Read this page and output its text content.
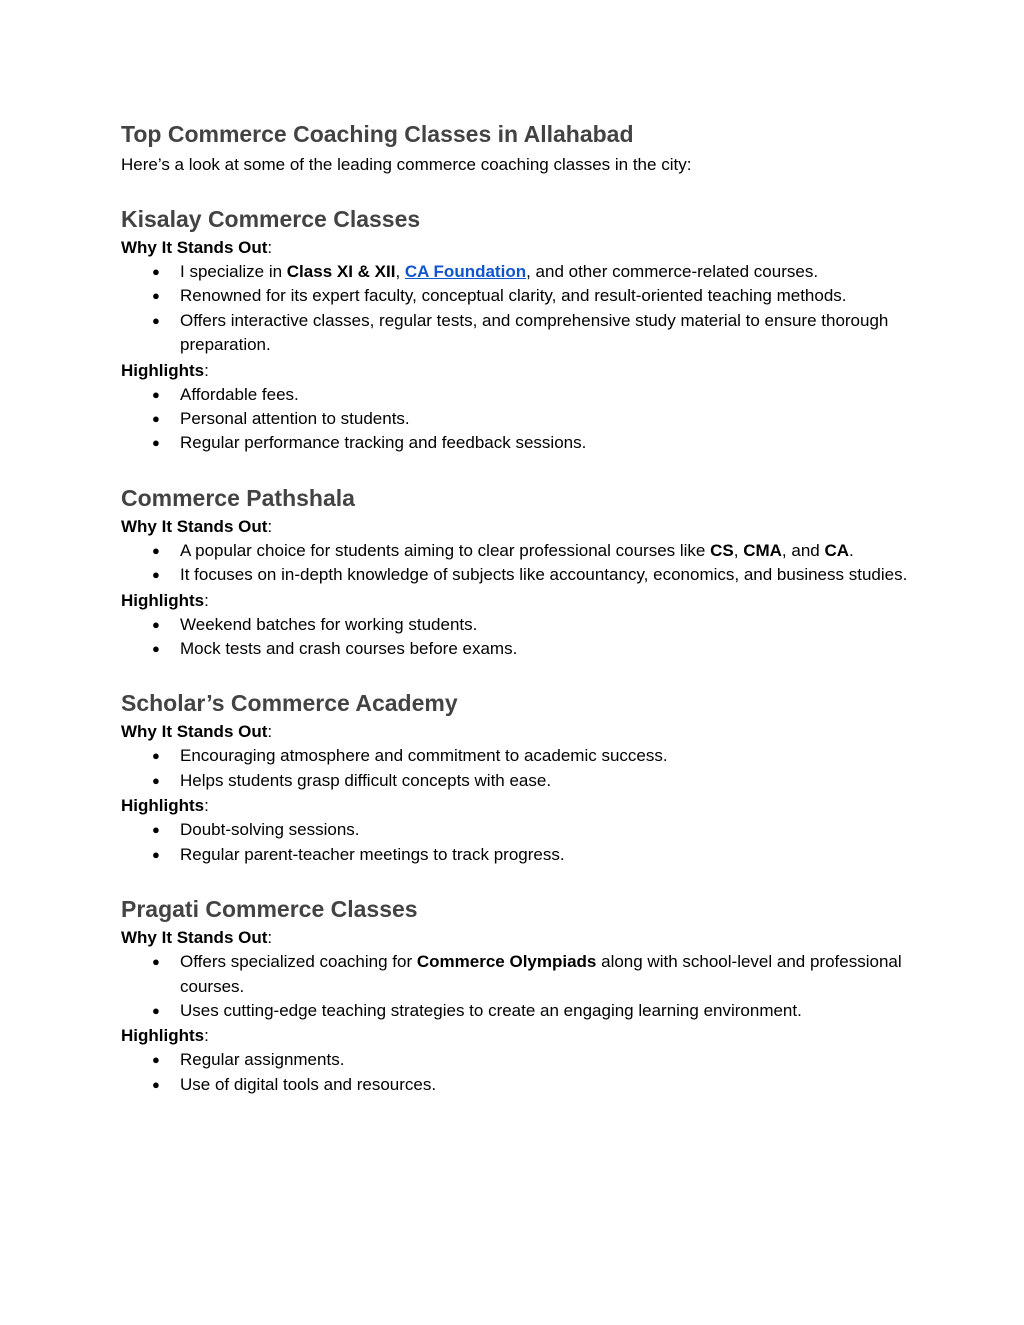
Top Commerce Coaching Classes in Allahabad

Here’s a look at some of the leading commerce coaching classes in the city:

Kisalay Commerce Classes
Why It Stands Out:
● I specialize in Class XI & XII, CA Foundation, and other commerce-related courses.
● Renowned for its expert faculty, conceptual clarity, and result-oriented teaching methods.
● Offers interactive classes, regular tests, and comprehensive study material to ensure thorough preparation.
Highlights:
● Affordable fees.
● Personal attention to students.
● Regular performance tracking and feedback sessions.
Commerce Pathshala
Why It Stands Out:
● A popular choice for students aiming to clear professional courses like CS, CMA, and CA.
● It focuses on in-depth knowledge of subjects like accountancy, economics, and business studies.
Highlights:
● Weekend batches for working students.
● Mock tests and crash courses before exams.
Scholar’s Commerce Academy
Why It Stands Out:
● Encouraging atmosphere and commitment to academic success.
● Helps students grasp difficult concepts with ease.
Highlights:
● Doubt-solving sessions.
● Regular parent-teacher meetings to track progress.
Pragati Commerce Classes
Why It Stands Out:
● Offers specialized coaching for Commerce Olympiads along with school-level and professional courses.
● Uses cutting-edge teaching strategies to create an engaging learning environment.
Highlights:
● Regular assignments.
● Use of digital tools and resources.
